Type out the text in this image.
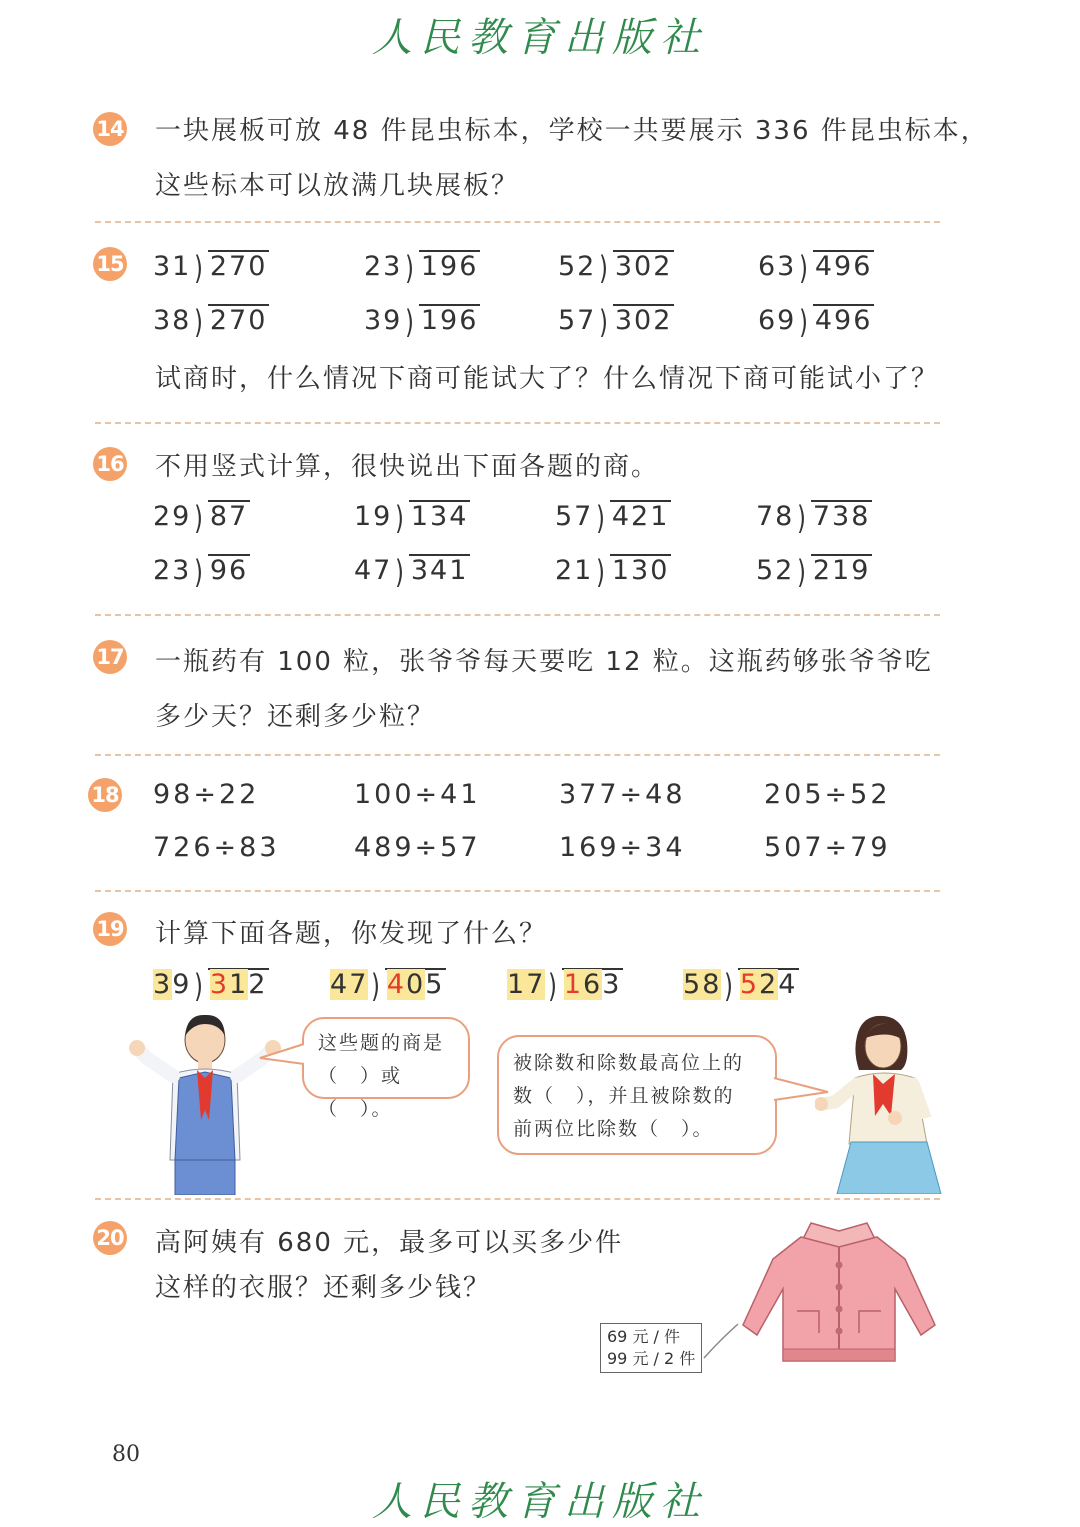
人民教育出版社
14 一块展板可放 48 件昆虫标本，学校一共要展示 336 件昆虫标本，
这些标本可以放满几块展板？
15 31 ) 270	23 ) 196	52 ) 302	63 ) 496
38 ) 270	39 ) 196	57 ) 302	69 ) 496
试商时，什么情况下商可能试大了？什么情况下商可能试小了？
16 不用竖式计算，很快说出下面各题的商。
29 ) 87	19 ) 134	57 ) 421	78 ) 738
23 ) 96	47 ) 341	21 ) 130	52 ) 219
17 一瓶药有 100 粒，张爷爷每天要吃 12 粒。这瓶药够张爷爷吃
多少天？还剩多少粒？
18 98÷22	100÷41	377÷48	205÷52
726÷83	489÷57	169÷34	507÷79
19 计算下面各题，你发现了什么？
39 ) 312 47 ) 405 17 ) 163 58 ) 524
这些题的商是
（　）或（　）。
被除数和除数最高位上的
数（　），并且被除数的
前两位比除数（　）。
20 高阿姨有 680 元，最多可以买多少件
这样的衣服？还剩多少钱？
69 元 / 件
99 元 / 2 件
80
人民教育出版社
